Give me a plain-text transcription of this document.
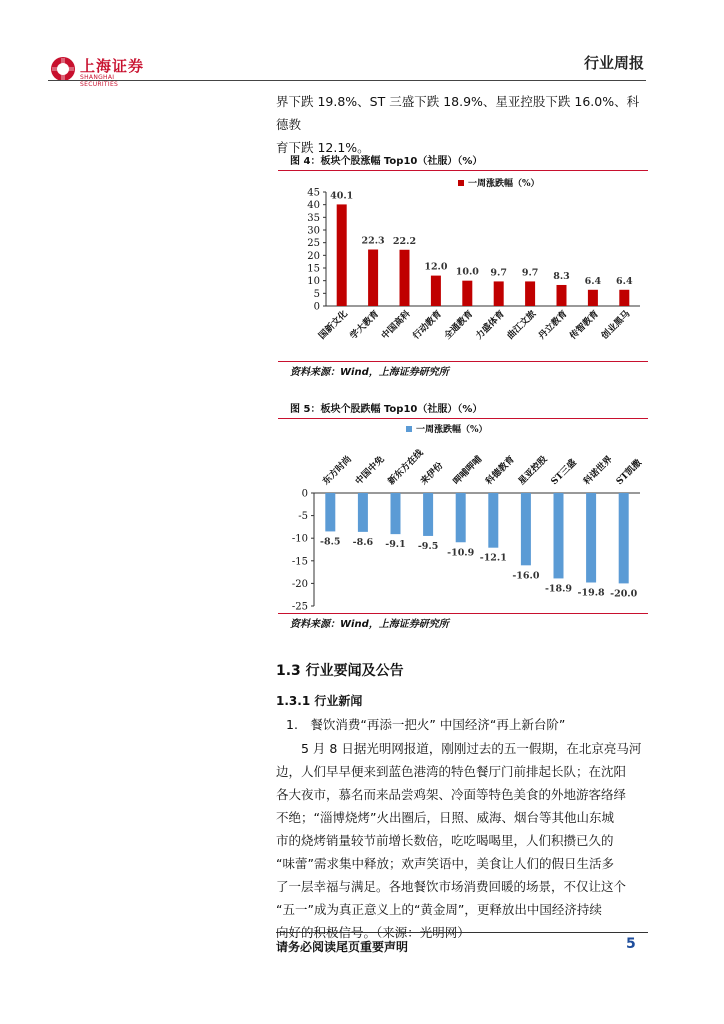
上海证券
SHANGHAI SECURITIES
行业周报
界下跌 19.8%、ST 三盛下跌 18.9%、星亚控股下跌 16.0%、科德教
育下跌 12.1%。
图 4：板块个股涨幅 Top10（社服）（%）
0
5
10
15
20
25
30
35
40
45 40.1
国新文化
22.3
学大教育
22.2
中国高科
12.0
行动教育
10.0
全通教育
9.7
力盛体育
9.7
曲江文旅
8.3
丹立教育
6.4
传智教育
6.4
创业黑马
一周涨跌幅（%）
资料来源：Wind，上海证券研究所
图 5：板块个股跌幅 Top10（社服）（%）
0
-5
-10
-15
-20
-25
-8.5
东方时尚
-8.6
中国中免
-9.1
新东方在线
-9.5
来伊份
-10.9
呷哺呷哺
-12.1
科德教育
-16.0
星亚控股
-18.9
ST三盛
-19.8
科诺世界
-20.0
ST凯撒
一周涨跌幅（%）
资料来源：Wind，上海证券研究所
1.3 行业要闻及公告
1.3.1 行业新闻
1.　餐饮消费“再添一把火” 中国经济“再上新台阶”
　　5 月 8 日据光明网报道，刚刚过去的五一假期，在北京亮马河
边，人们早早便来到蓝色港湾的特色餐厅门前排起长队；在沈阳
各大夜市，慕名而来品尝鸡架、冷面等特色美食的外地游客络绎
不绝；“淄博烧烤”火出圈后，日照、威海、烟台等其他山东城
市的烧烤销量较节前增长数倍，吃吃喝喝里，人们积攒已久的
“味蕾”需求集中释放；欢声笑语中，美食让人们的假日生活多
了一层幸福与满足。各地餐饮市场消费回暖的场景，不仅让这个
“五一”成为真正意义上的“黄金周”，更释放出中国经济持续
向好的积极信号。（来源：光明网）
请务必阅读尾页重要声明	5
